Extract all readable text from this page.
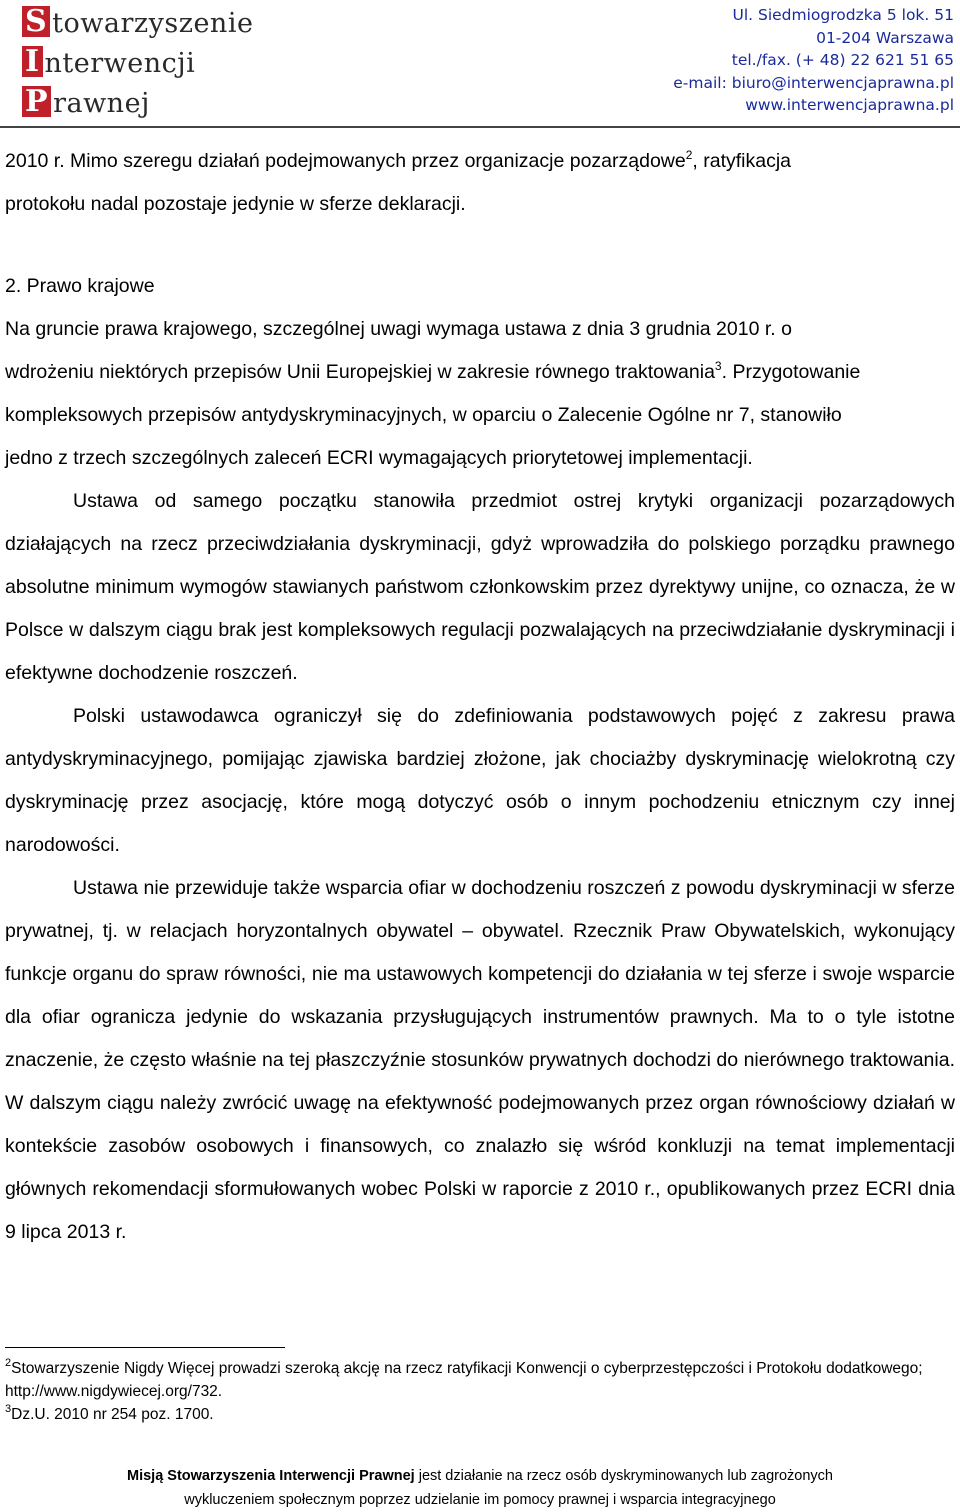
S towarzyszenie
I nterwencji
P rawnej
Ul. Siedmiogrodzka 5 lok. 51
01-204 Warszawa
tel./fax. (+ 48) 22 621 51 65
e-mail: biuro@interwencjaprawna.pl
www.interwencjaprawna.pl

2010 r. Mimo szeregu działań podejmowanych przez organizacje pozarządowe$^2$, ratyfikacja

protokołu nadal pozostaje jedynie w sferze deklaracji.

2. Prawo krajowe

Na gruncie prawa krajowego, szczególnej uwagi wymaga ustawa z dnia 3 grudnia 2010 r. o

wdrożeniu niektórych przepisów Unii Europejskiej w zakresie równego traktowania$^3$. Przygotowanie

kompleksowych przepisów antydyskryminacyjnych, w oparciu o Zalecenie Ogólne nr 7, stanowiło

jedno z trzech szczególnych zaleceń ECRI wymagających priorytetowej implementacji.

Ustawa od samego początku stanowiła przedmiot ostrej krytyki organizacji pozarządowych działających na rzecz przeciwdziałania dyskryminacji, gdyż wprowadziła do polskiego porządku prawnego absolutne minimum wymogów stawianych państwom członkowskim przez dyrektywy unijne, co oznacza, że w Polsce w dalszym ciągu brak jest kompleksowych regulacji pozwalających na przeciwdziałanie dyskryminacji i efektywne dochodzenie roszczeń.

Polski ustawodawca ograniczył się do zdefiniowania podstawowych pojęć z zakresu prawa antydyskryminacyjnego, pomijając zjawiska bardziej złożone, jak chociażby dyskryminację wielokrotną czy dyskryminację przez asocjację, które mogą dotyczyć osób o innym pochodzeniu etnicznym czy innej narodowości.

Ustawa nie przewiduje także wsparcia ofiar w dochodzeniu roszczeń z powodu dyskryminacji w sferze prywatnej, tj. w relacjach horyzontalnych obywatel – obywatel. Rzecznik Praw Obywatelskich, wykonujący funkcje organu do spraw równości, nie ma ustawowych kompetencji do działania w tej sferze i swoje wsparcie dla ofiar ogranicza jedynie do wskazania przysługujących instrumentów prawnych. Ma to o tyle istotne znaczenie, że często właśnie na tej płaszczyźnie stosunków prywatnych dochodzi do nierównego traktowania. W dalszym ciągu należy zwrócić uwagę na efektywność podejmowanych przez organ równościowy działań w kontekście zasobów osobowych i finansowych, co znalazło się wśród konkluzji na temat implementacji głównych rekomendacji sformułowanych wobec Polski w raporcie z 2010 r., opublikowanych przez ECRI dnia 9 lipca 2013 r.

$^2$Stowarzyszenie Nigdy Więcej prowadzi szeroką akcję na rzecz ratyfikacji Konwencji o cyberprzestępczości i Protokołu dodatkowego; http://www.nigdywiecej.org/732.
$^3$Dz.U. 2010 nr 254 poz. 1700.
Misją Stowarzyszenia Interwencji Prawnej jest działanie na rzecz osób dyskryminowanych lub zagrożonych
wykluczeniem społecznym poprzez udzielanie im pomocy prawnej i wsparcia integracyjnego
